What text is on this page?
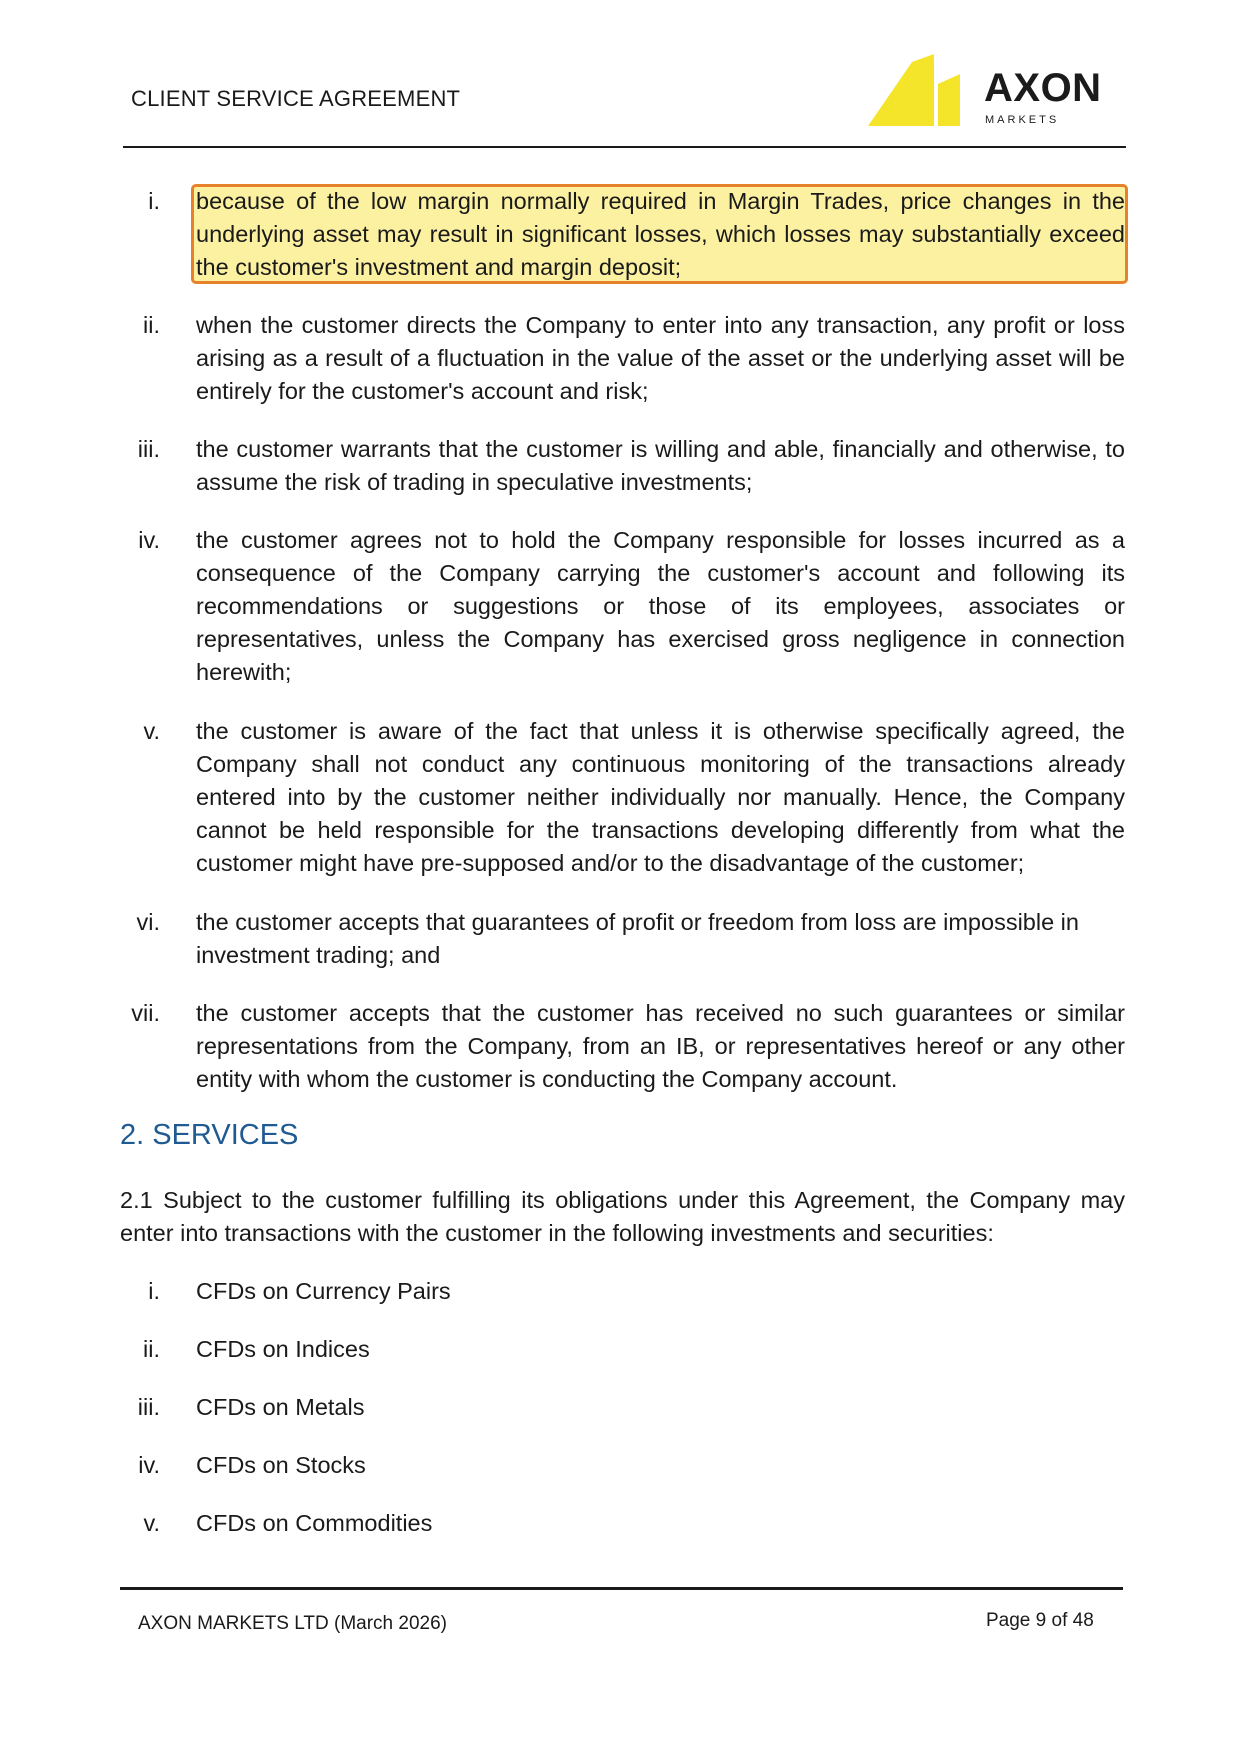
CLIENT SERVICE AGREEMENT	AXON
MARKETS
i. because of the low margin normally required in Margin Trades, price changes in the underlying asset may result in significant losses, which losses may substantially exceed the customer's investment and margin deposit;
ii. when the customer directs the Company to enter into any transaction, any profit or loss arising as a result of a fluctuation in the value of the asset or the underlying asset will be entirely for the customer's account and risk;
iii. the customer warrants that the customer is willing and able, financially and otherwise, to assume the risk of trading in speculative investments;
iv. the customer agrees not to hold the Company responsible for losses incurred as a consequence of the Company carrying the customer's account and following its recommendations or suggestions or those of its employees, associates or representatives, unless the Company has exercised gross negligence in connection herewith;
v. the customer is aware of the fact that unless it is otherwise specifically agreed, the Company shall not conduct any continuous monitoring of the transactions already entered into by the customer neither individually nor manually. Hence, the Company cannot be held responsible for the transactions developing differently from what the customer might have pre-supposed and/or to the disadvantage of the customer;
vi. the customer accepts that guarantees of profit or freedom from loss are impossible in investment trading; and
vii. the customer accepts that the customer has received no such guarantees or similar representations from the Company, from an IB, or representatives hereof or any other entity with whom the customer is conducting the Company account.
2. SERVICES
2.1 Subject to the customer fulfilling its obligations under this Agreement, the Company may enter into transactions with the customer in the following investments and securities:
i. CFDs on Currency Pairs
ii. CFDs on Indices
iii. CFDs on Metals
iv. CFDs on Stocks
v. CFDs on Commodities
AXON MARKETS LTD (March 2026)	Page 9 of 48
